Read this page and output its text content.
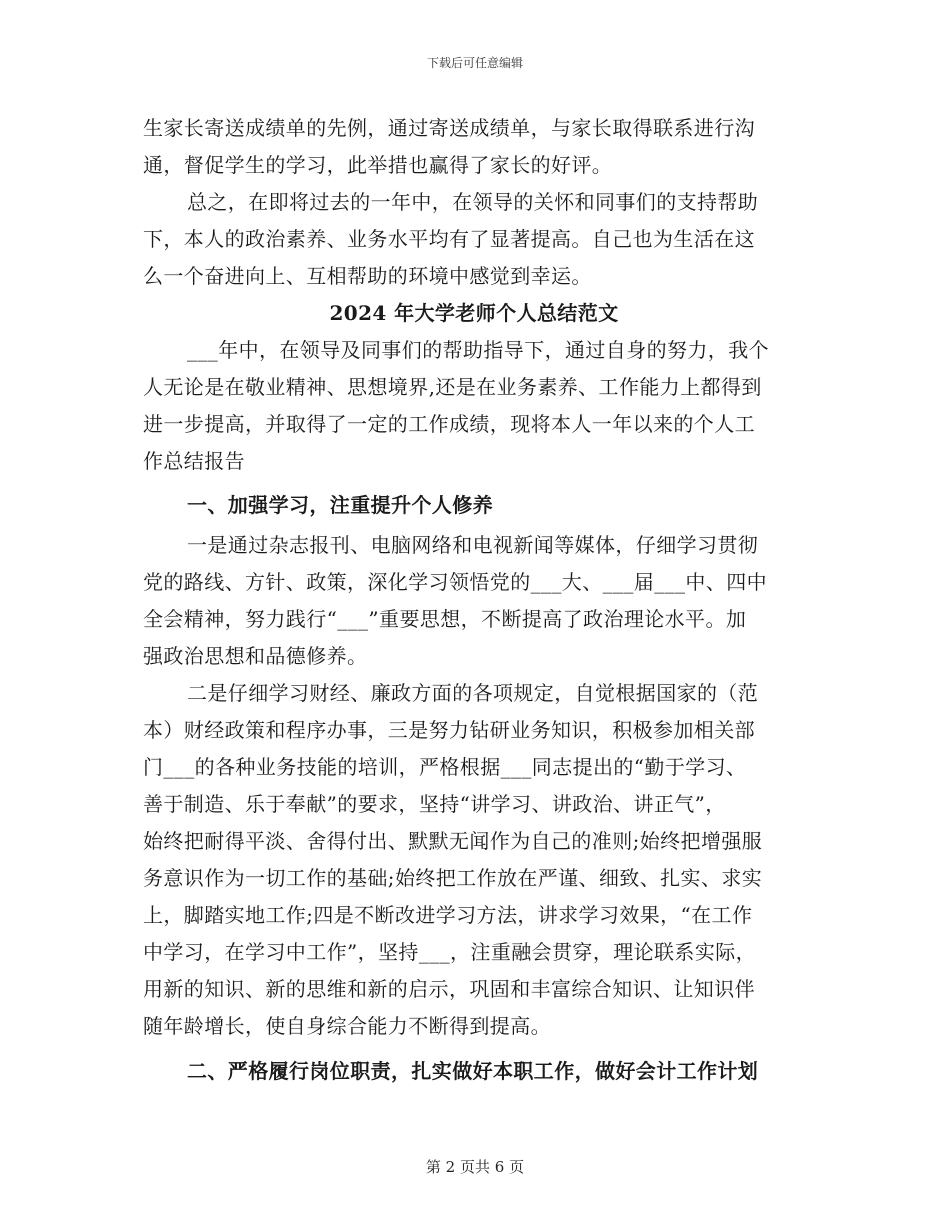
下载后可任意编辑
生家长寄送成绩单的先例，通过寄送成绩单，与家长取得联系进行沟
通，督促学生的学习，此举措也赢得了家长的好评。
总之，在即将过去的一年中，在领导的关怀和同事们的支持帮助
下，本人的政治素养、业务水平均有了显著提高。自己也为生活在这
么一个奋进向上、互相帮助的环境中感觉到幸运。
2024 年大学老师个人总结范文
___年中，在领导及同事们的帮助指导下，通过自身的努力，我个
人无论是在敬业精神、思想境界,还是在业务素养、工作能力上都得到
进一步提高，并取得了一定的工作成绩，现将本人一年以来的个人工
作总结报告
一、加强学习，注重提升个人修养
一是通过杂志报刊、电脑网络和电视新闻等媒体，仔细学习贯彻
党的路线、方针、政策，深化学习领悟党的___大、___届___中、四中
全会精神，努力践行“___”重要思想，不断提高了政治理论水平。加
强政治思想和品德修养。
二是仔细学习财经、廉政方面的各项规定，自觉根据国家的（范
本）财经政策和程序办事，三是努力钻研业务知识，积极参加相关部
门___的各种业务技能的培训，严格根据___同志提出的“勤于学习、
善于制造、乐于奉献”的要求，坚持“讲学习、讲政治、讲正气”，
始终把耐得平淡、舍得付出、默默无闻作为自己的准则;始终把增强服
务意识作为一切工作的基础;始终把工作放在严谨、细致、扎实、求实
上，脚踏实地工作;四是不断改进学习方法，讲求学习效果，“在工作
中学习，在学习中工作”，坚持___，注重融会贯穿，理论联系实际，
用新的知识、新的思维和新的启示，巩固和丰富综合知识、让知识伴
随年龄增长，使自身综合能力不断得到提高。
二、严格履行岗位职责，扎实做好本职工作，做好会计工作计划
第 2 页共 6 页
